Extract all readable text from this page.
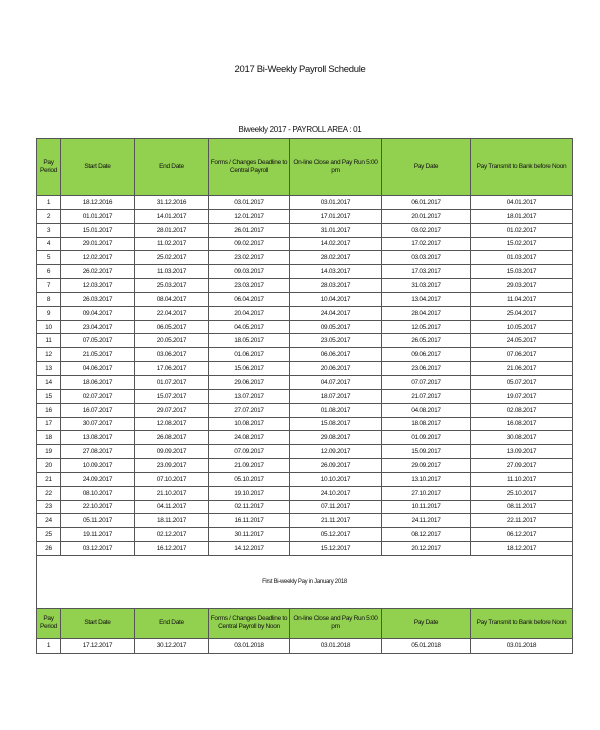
2017 Bi-Weekly Payroll Schedule
Biweekly 2017 - PAYROLL AREA : 01
Pay Period	Start Date	End Date	Forms / Changes Deadline to Central Payroll	On-line Close and Pay Run 5:00 pm	Pay Date	Pay Transmit to Bank before Noon
1	18.12.2016	31.12.2016	03.01.2017	03.01.2017	06.01.2017	04.01.2017
2	01.01.2017	14.01.2017	12.01.2017	17.01.2017	20.01.2017	18.01.2017
3	15.01.2017	28.01.2017	26.01.2017	31.01.2017	03.02.2017	01.02.2017
4	29.01.2017	11.02.2017	09.02.2017	14.02.2017	17.02.2017	15.02.2017
5	12.02.2017	25.02.2017	23.02.2017	28.02.2017	03.03.2017	01.03.2017
6	26.02.2017	11.03.2017	09.03.2017	14.03.2017	17.03.2017	15.03.2017
7	12.03.2017	25.03.2017	23.03.2017	28.03.2017	31.03.2017	29.03.2017
8	26.03.2017	08.04.2017	06.04.2017	10.04.2017	13.04.2017	11.04.2017
9	09.04.2017	22.04.2017	20.04.2017	24.04.2017	28.04.2017	25.04.2017
10	23.04.2017	06.05.2017	04.05.2017	09.05.2017	12.05.2017	10.05.2017
11	07.05.2017	20.05.2017	18.05.2017	23.05.2017	26.05.2017	24.05.2017
12	21.05.2017	03.06.2017	01.06.2017	06.06.2017	09.06.2017	07.06.2017
13	04.06.2017	17.06.2017	15.06.2017	20.06.2017	23.06.2017	21.06.2017
14	18.06.2017	01.07.2017	29.06.2017	04.07.2017	07.07.2017	05.07.2017
15	02.07.2017	15.07.2017	13.07.2017	18.07.2017	21.07.2017	19.07.2017
16	16.07.2017	29.07.2017	27.07.2017	01.08.2017	04.08.2017	02.08.2017
17	30.07.2017	12.08.2017	10.08.2017	15.08.2017	18.08.2017	16.08.2017
18	13.08.2017	26.08.2017	24.08.2017	29.08.2017	01.09.2017	30.08.2017
19	27.08.2017	09.09.2017	07.09.2017	12.09.2017	15.09.2017	13.09.2017
20	10.09.2017	23.09.2017	21.09.2017	26.09.2017	29.09.2017	27.09.2017
21	24.09.2017	07.10.2017	05.10.2017	10.10.2017	13.10.2017	11.10.2017
22	08.10.2017	21.10.2017	19.10.2017	24.10.2017	27.10.2017	25.10.2017
23	22.10.2017	04.11.2017	02.11.2017	07.11.2017	10.11.2017	08.11.2017
24	05.11.2017	18.11.2017	16.11.2017	21.11.2017	24.11.2017	22.11.2017
25	19.11.2017	02.12.2017	30.11.2017	05.12.2017	08.12.2017	06.12.2017
26	03.12.2017	16.12.2017	14.12.2017	15.12.2017	20.12.2017	18.12.2017
First Bi-weekly Pay in January 2018						
Pay Period	Start Date	End Date	Forms / Changes Deadline to Central Payroll by Noon	On-line Close and Pay Run 5:00 pm	Pay Date	Pay Transmit to Bank before Noon
1	17.12.2017	30.12.2017	03.01.2018	03.01.2018	05.01.2018	03.01.2018
